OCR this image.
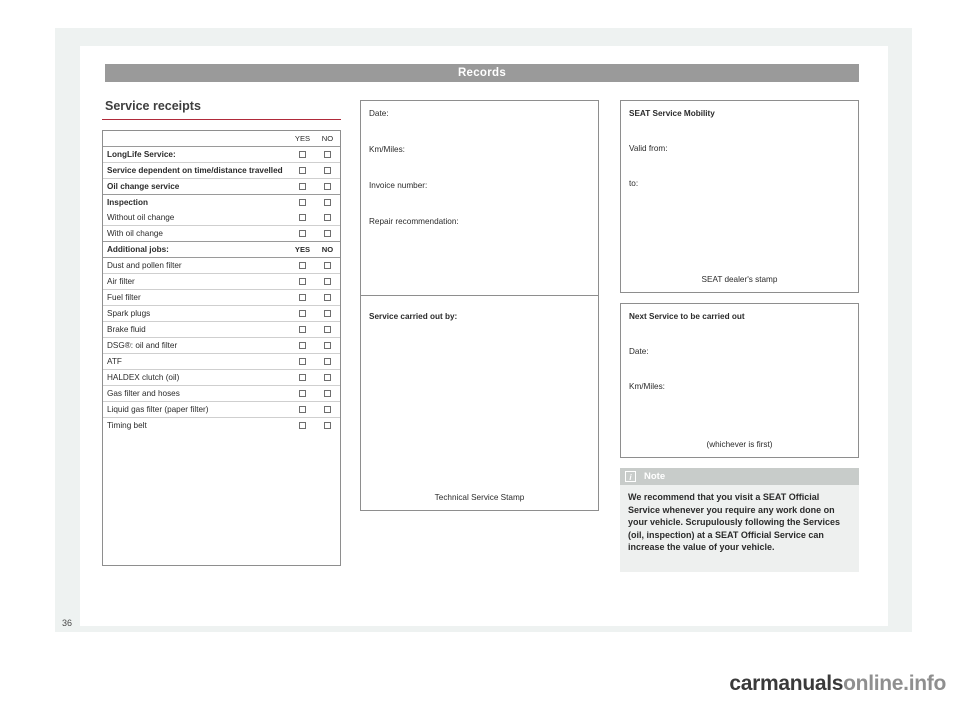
Records
Service receipts
	YES	NO
LongLife Service:		
Service dependent on time/distance travelled		
Oil change service		
Inspection		
Without oil change		
With oil change		
Additional jobs:	YES	NO
Dust and pollen filter		
Air filter		
Fuel filter		
Spark plugs		
Brake fluid		
DSG®: oil and filter		
ATF		
HALDEX clutch (oil)		
Gas filter and hoses		
Liquid gas filter (paper filter)		
Timing belt		

Date:

Km/Miles:

Invoice number:

Repair recommendation:

Service carried out by:

Technical Service Stamp

SEAT Service Mobility

Valid from:

to:

SEAT dealer's stamp

Next Service to be carried out

Date:

Km/Miles:

(whichever is first)
Note
i
We recommend that you visit a SEAT Official Service whenever you require any work done on your vehicle. Scrupulously following the Services (oil, inspection) at a SEAT Official Service can increase the value of your vehicle.
36
carmanualsonline.info
